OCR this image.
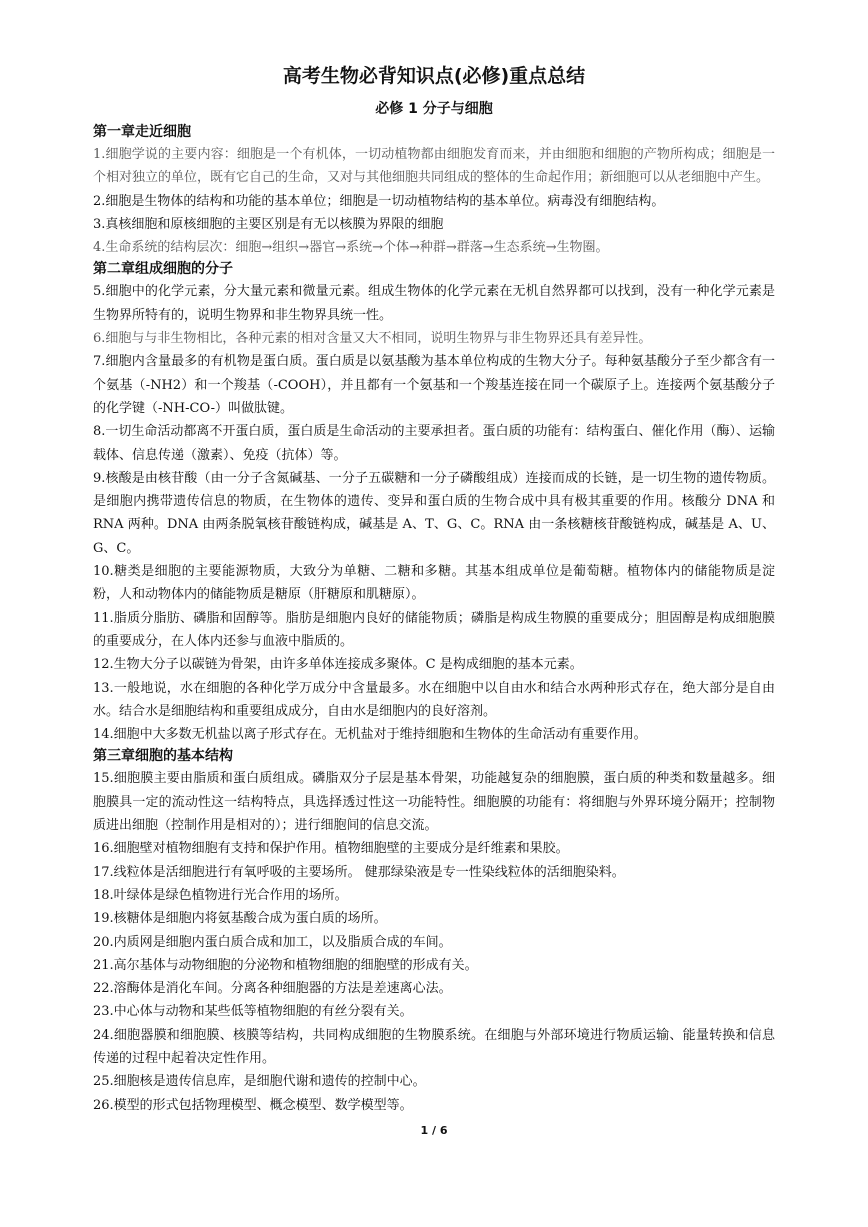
高考生物必背知识点(必修)重点总结
必修 1 分子与细胞
第一章走近细胞
1.细胞学说的主要内容：细胞是一个有机体，一切动植物都由细胞发育而来，并由细胞和细胞的产物所构成；细胞是一个相对独立的单位，既有它自己的生命，又对与其他细胞共同组成的整体的生命起作用；新细胞可以从老细胞中产生。
2.细胞是生物体的结构和功能的基本单位；细胞是一切动植物结构的基本单位。病毒没有细胞结构。
3.真核细胞和原核细胞的主要区别是有无以核膜为界限的细胞
4.生命系统的结构层次：细胞→组织→器官→系统→个体→种群→群落→生态系统→生物圈。
第二章组成细胞的分子
5.细胞中的化学元素，分大量元素和微量元素。组成生物体的化学元素在无机自然界都可以找到，没有一种化学元素是生物界所特有的，说明生物界和非生物界具统一性。
6.细胞与与非生物相比，各种元素的相对含量又大不相同，说明生物界与非生物界还具有差异性。
7.细胞内含量最多的有机物是蛋白质。蛋白质是以氨基酸为基本单位构成的生物大分子。每种氨基酸分子至少都含有一个氨基（-NH2）和一个羧基（-COOH），并且都有一个氨基和一个羧基连接在同一个碳原子上。连接两个氨基酸分子的化学键（-NH-CO-）叫做肽键。
8.一切生命活动都离不开蛋白质，蛋白质是生命活动的主要承担者。蛋白质的功能有：结构蛋白、催化作用（酶）、运输载体、信息传递（激素）、免疫（抗体）等。
9.核酸是由核苷酸（由一分子含氮碱基、一分子五碳糖和一分子磷酸组成）连接而成的长链，是一切生物的遗传物质。是细胞内携带遗传信息的物质，在生物体的遗传、变异和蛋白质的生物合成中具有极其重要的作用。核酸分 DNA 和 RNA 两种。DNA 由两条脱氧核苷酸链构成，碱基是 A、T、G、C。RNA 由一条核糖核苷酸链构成，碱基是 A、U、G、C。
10.糖类是细胞的主要能源物质，大致分为单糖、二糖和多糖。其基本组成单位是葡萄糖。植物体内的储能物质是淀粉，人和动物体内的储能物质是糖原（肝糖原和肌糖原）。
11.脂质分脂肪、磷脂和固醇等。脂肪是细胞内良好的储能物质；磷脂是构成生物膜的重要成分；胆固醇是构成细胞膜的重要成分，在人体内还参与血液中脂质的。
12.生物大分子以碳链为骨架，由许多单体连接成多聚体。C 是构成细胞的基本元素。
13.一般地说，水在细胞的各种化学万成分中含量最多。水在细胞中以自由水和结合水两种形式存在，绝大部分是自由水。结合水是细胞结构和重要组成成分，自由水是细胞内的良好溶剂。
14.细胞中大多数无机盐以离子形式存在。无机盐对于维持细胞和生物体的生命活动有重要作用。
第三章细胞的基本结构
15.细胞膜主要由脂质和蛋白质组成。磷脂双分子层是基本骨架，功能越复杂的细胞膜，蛋白质的种类和数量越多。细胞膜具一定的流动性这一结构特点，具选择透过性这一功能特性。细胞膜的功能有：将细胞与外界环境分隔开；控制物质进出细胞（控制作用是相对的）；进行细胞间的信息交流。
16.细胞壁对植物细胞有支持和保护作用。植物细胞壁的主要成分是纤维素和果胶。
17.线粒体是活细胞进行有氧呼吸的主要场所。 健那绿染液是专一性染线粒体的活细胞染料。
18.叶绿体是绿色植物进行光合作用的场所。
19.核糖体是细胞内将氨基酸合成为蛋白质的场所。
20.内质网是细胞内蛋白质合成和加工，以及脂质合成的车间。
21.高尔基体与动物细胞的分泌物和植物细胞的细胞壁的形成有关。
22.溶酶体是消化车间。分离各种细胞器的方法是差速离心法。
23.中心体与动物和某些低等植物细胞的有丝分裂有关。
24.细胞器膜和细胞膜、核膜等结构，共同构成细胞的生物膜系统。在细胞与外部环境进行物质运输、能量转换和信息传递的过程中起着决定性作用。
25.细胞核是遗传信息库，是细胞代谢和遗传的控制中心。
26.模型的形式包括物理模型、概念模型、数学模型等。
1 / 6
